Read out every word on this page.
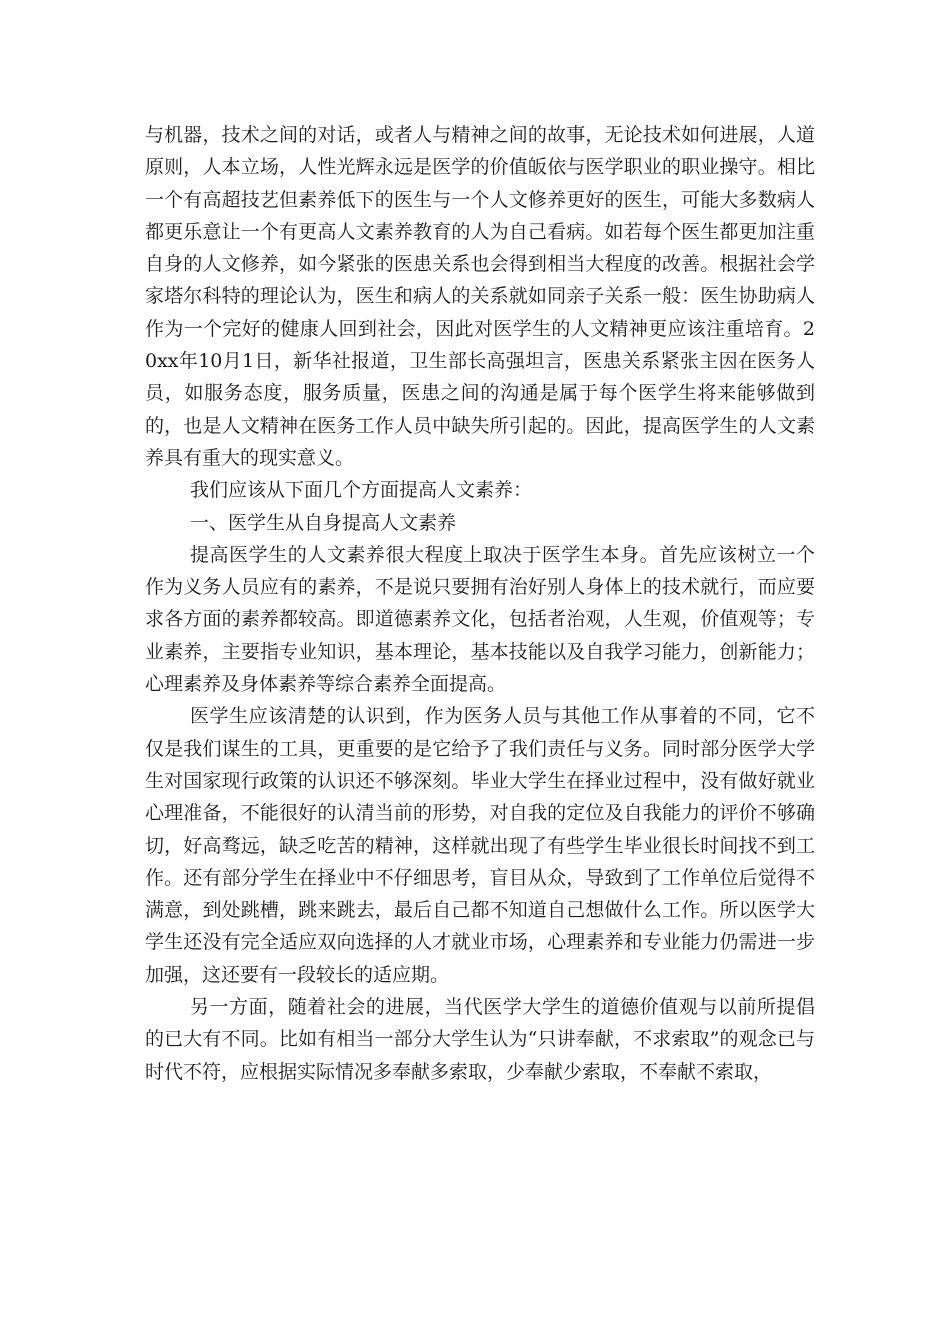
与机器，技术之间的对话，或者人与精神之间的故事，无论技术如何进展，人道原则，人本立场，人性光辉永远是医学的价值皈依与医学职业的职业操守。相比一个有高超技艺但素养低下的医生与一个人文修养更好的医生，可能大多数病人都更乐意让一个有更高人文素养教育的人为自己看病。如若每个医生都更加注重自身的人文修养，如今紧张的医患关系也会得到相当大程度的改善。根据社会学家塔尔科特的理论认为，医生和病人的关系就如同亲子关系一般：医生协助病人作为一个完好的健康人回到社会，因此对医学生的人文精神更应该注重培育。20xx年10月1日，新华社报道，卫生部长高强坦言，医患关系紧张主因在医务人员，如服务态度，服务质量，医患之间的沟通是属于每个医学生将来能够做到的，也是人文精神在医务工作人员中缺失所引起的。因此，提高医学生的人文素养具有重大的现实意义。

我们应该从下面几个方面提高人文素养：

一、医学生从自身提高人文素养

提高医学生的人文素养很大程度上取决于医学生本身。首先应该树立一个作为义务人员应有的素养，不是说只要拥有治好别人身体上的技术就行，而应要求各方面的素养都较高。即道德素养文化，包括者治观，人生观，价值观等；专业素养，主要指专业知识，基本理论，基本技能以及自我学习能力，创新能力；心理素养及身体素养等综合素养全面提高。

医学生应该清楚的认识到，作为医务人员与其他工作从事着的不同，它不仅是我们谋生的工具，更重要的是它给予了我们责任与义务。同时部分医学大学生对国家现行政策的认识还不够深刻。毕业大学生在择业过程中，没有做好就业心理准备，不能很好的认清当前的形势，对自我的定位及自我能力的评价不够确切，好高骛远，缺乏吃苦的精神，这样就出现了有些学生毕业很长时间找不到工作。还有部分学生在择业中不仔细思考，盲目从众，导致到了工作单位后觉得不满意，到处跳槽，跳来跳去，最后自己都不知道自己想做什么工作。所以医学大学生还没有完全适应双向选择的人才就业市场，心理素养和专业能力仍需进一步加强，这还要有一段较长的适应期。

另一方面，随着社会的进展，当代医学大学生的道德价值观与以前所提倡的已大有不同。比如有相当一部分大学生认为“只讲奉献，不求索取”的观念已与时代不符，应根据实际情况多奉献多索取，少奉献少索取，不奉献不索取，
